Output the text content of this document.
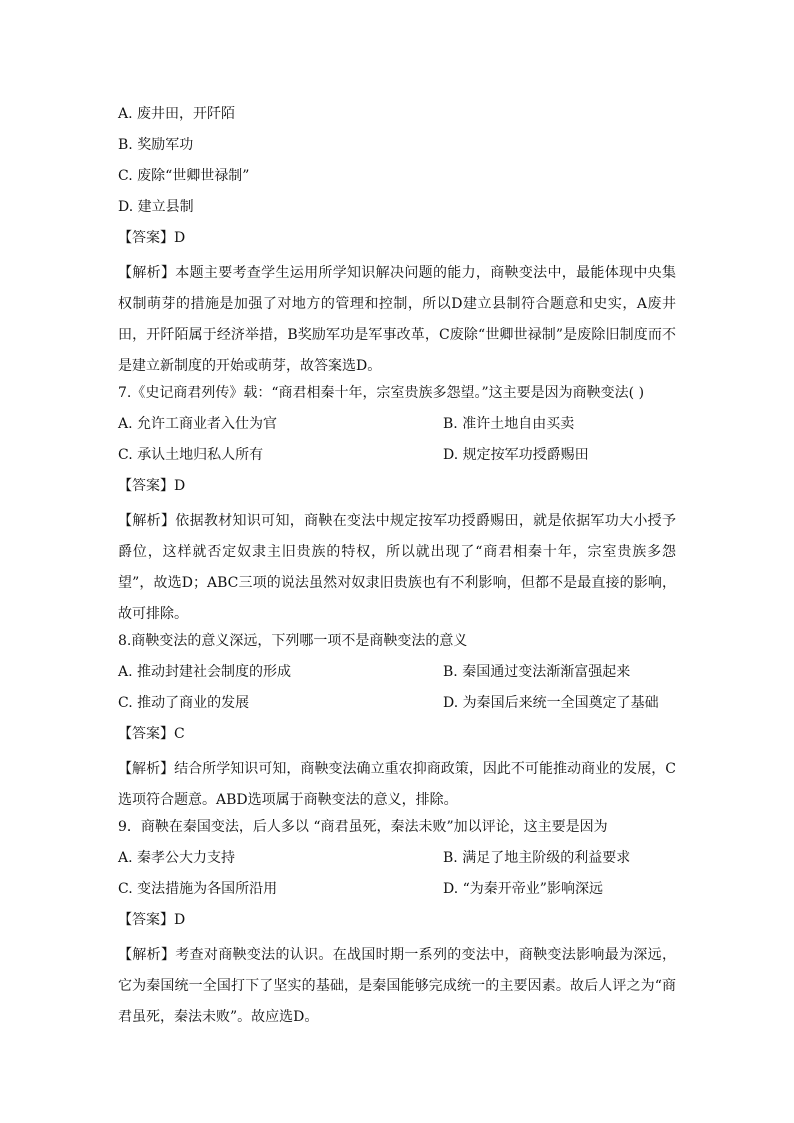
A. 废井田，开阡陌
B. 奖励军功
C. 废除“世卿世禄制”
D. 建立县制
【答案】D
【解析】本题主要考查学生运用所学知识解决问题的能力，商鞅变法中，最能体现中央集权制萌芽的措施是加强了对地方的管理和控制，所以D建立县制符合题意和史实，A废井田，开阡陌属于经济举措，B奖励军功是军事改革，C废除“世卿世禄制”是废除旧制度而不是建立新制度的开始或萌芽，故答案选D。
7.《史记商君列传》载：“商君相秦十年，宗室贵族多怨望。”这主要是因为商鞅变法( )
A. 允许工商业者入仕为官	B. 准许土地自由买卖
C. 承认土地归私人所有	D. 规定按军功授爵赐田
【答案】D
【解析】依据教材知识可知，商鞅在变法中规定按军功授爵赐田，就是依据军功大小授予爵位，这样就否定奴隶主旧贵族的特权，所以就出现了“商君相秦十年，宗室贵族多怨望”，故选D；ABC三项的说法虽然对奴隶旧贵族也有不利影响，但都不是最直接的影响，故可排除。
8.商鞅变法的意义深远，下列哪一项不是商鞅变法的意义
A. 推动封建社会制度的形成	B. 秦国通过变法渐渐富强起来
C. 推动了商业的发展	D. 为秦国后来统一全国奠定了基础
【答案】C
【解析】结合所学知识可知，商鞅变法确立重农抑商政策，因此不可能推动商业的发展，C选项符合题意。ABD选项属于商鞅变法的意义，排除。
9．商鞅在秦国变法，后人多以 “商君虽死，秦法未败”加以评论，这主要是因为
A. 秦孝公大力支持	B. 满足了地主阶级的利益要求
C. 变法措施为各国所沿用	D. “为秦开帝业”影响深远
【答案】D
【解析】考查对商鞅变法的认识。在战国时期一系列的变法中，商鞅变法影响最为深远，它为秦国统一全国打下了坚实的基础，是秦国能够完成统一的主要因素。故后人评之为“商君虽死，秦法未败”。故应选D。
